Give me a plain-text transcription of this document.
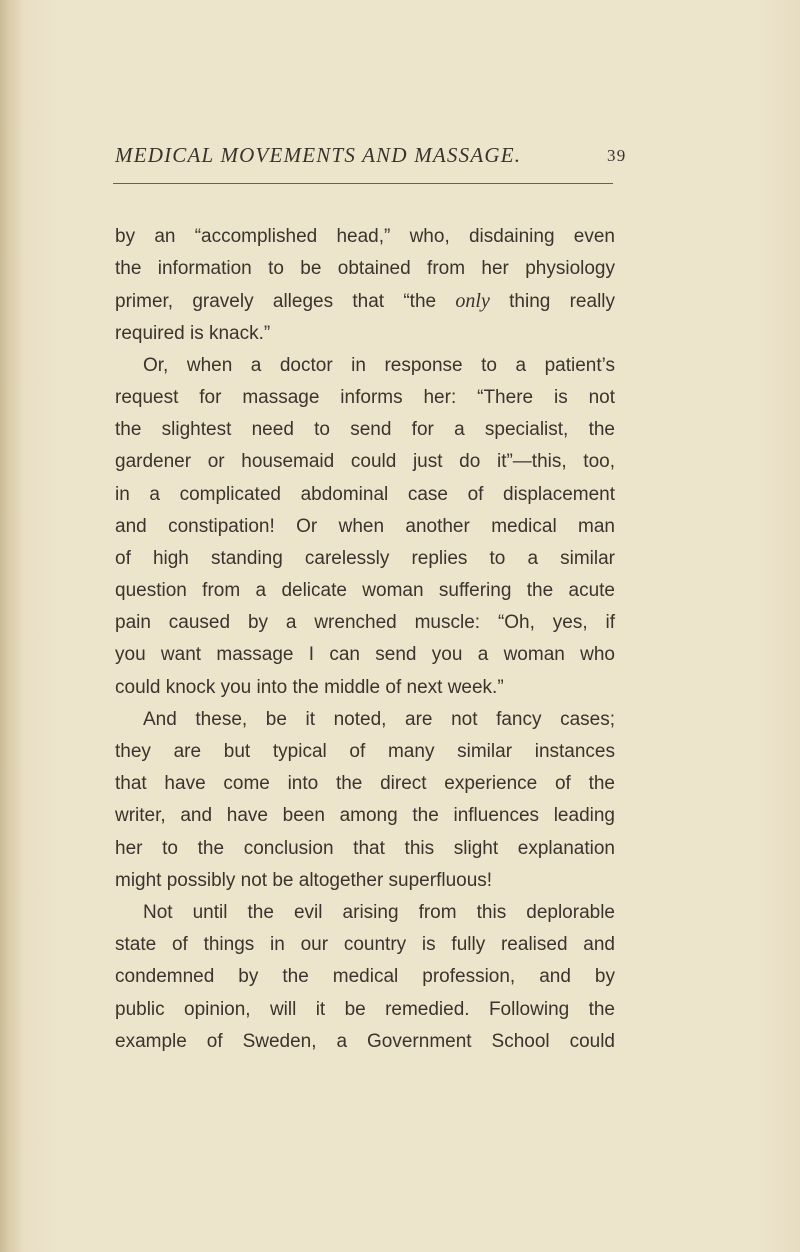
MEDICAL MOVEMENTS AND MASSAGE.	39
by an “accomplished head,” who, disdaining even
the information to be obtained from her physiology
primer, gravely alleges that “the only thing really
required is knack.”
Or, when a doctor in response to a patient’s
request for massage informs her: “There is not
the slightest need to send for a specialist, the
gardener or housemaid could just do it”—this, too,
in a complicated abdominal case of displacement
and constipation! Or when another medical man
of high standing carelessly replies to a similar
question from a delicate woman suffering the acute
pain caused by a wrenched muscle: “Oh, yes, if
you want massage I can send you a woman who
could knock you into the middle of next week.”
And these, be it noted, are not fancy cases;
they are but typical of many similar instances
that have come into the direct experience of the
writer, and have been among the influences leading
her to the conclusion that this slight explanation
might possibly not be altogether superfluous!
Not until the evil arising from this deplorable
state of things in our country is fully realised and
condemned by the medical profession, and by
public opinion, will it be remedied. Following the
example of Sweden, a Government School could
